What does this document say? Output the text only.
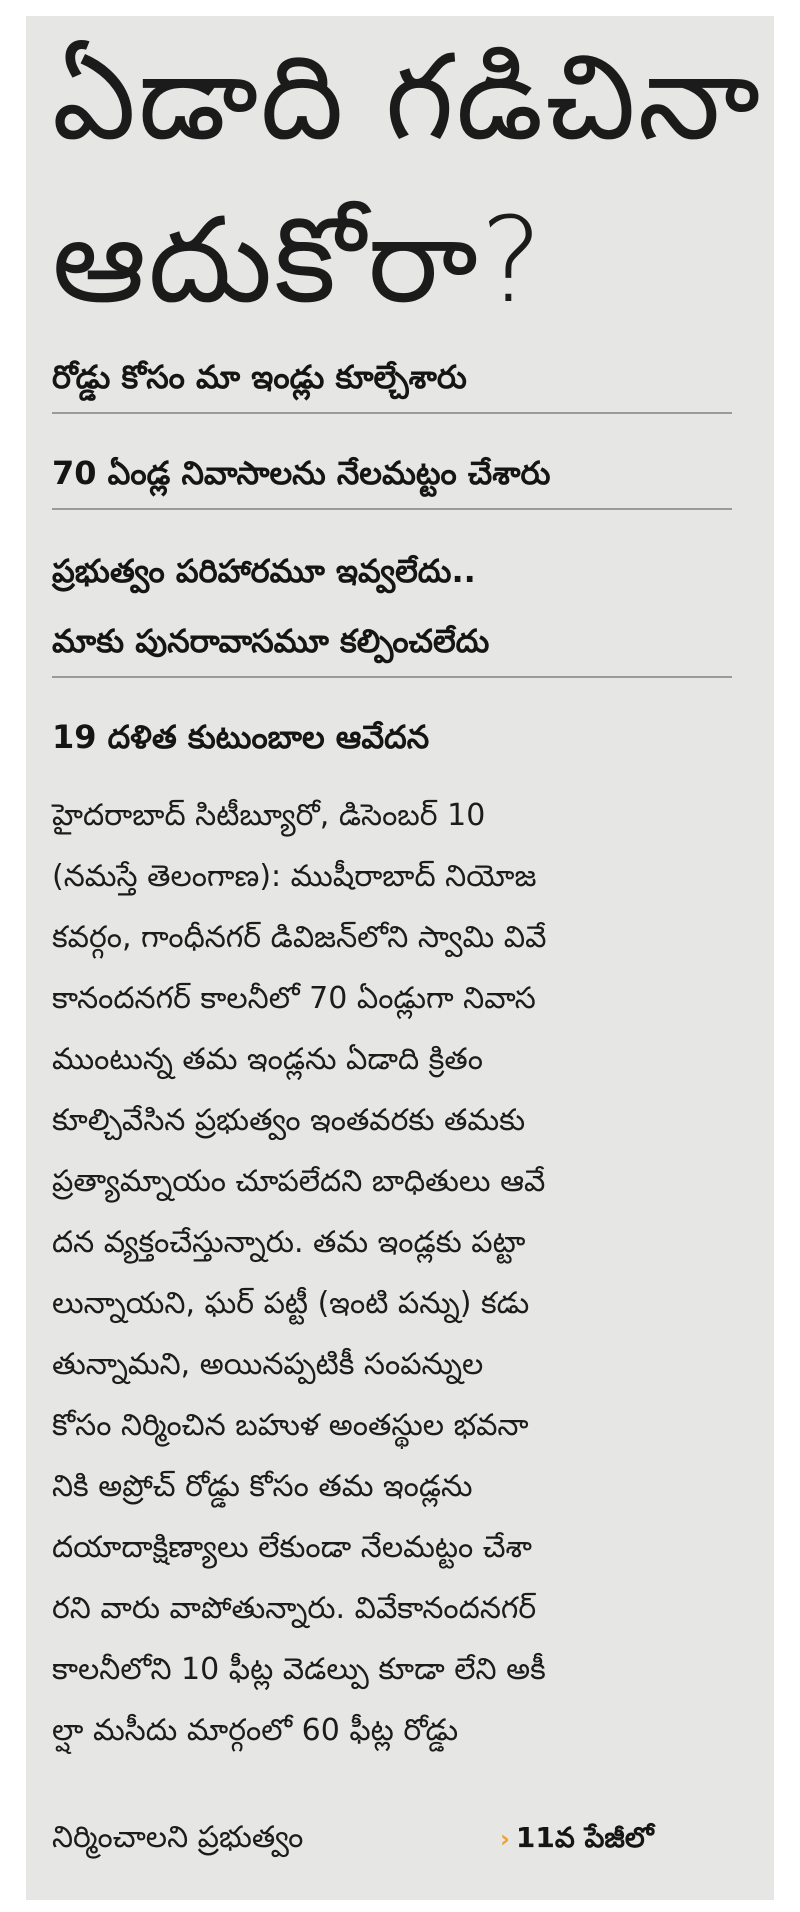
ఏడాది గడిచినా
ఆదుకోరా?

రోడ్డు కోసం మా ఇండ్లు కూల్చేశారు

70 ఏండ్ల నివాసాలను నేలమట్టం చేశారు

ప్రభుత్వం పరిహారమూ ఇవ్వలేదు..

మాకు పునరావాసమూ కల్పించలేదు

19 దళిత కుటుంబాల ఆవేదన

హైదరాబాద్ సిటీబ్యూరో, డిసెంబర్ 10

(నమస్తే తెలంగాణ): ముషీరాబాద్ నియోజ

కవర్గం, గాంధీనగర్ డివిజన్‌లోని స్వామి వివే

కానందనగర్ కాలనీలో 70 ఏండ్లుగా నివాస

ముంటున్న తమ ఇండ్లను ఏడాది క్రితం

కూల్చివేసిన ప్రభుత్వం ఇంతవరకు తమకు

ప్రత్యామ్నాయం చూపలేదని బాధితులు ఆవే

దన వ్యక్తంచేస్తున్నారు. తమ ఇండ్లకు పట్టా

లున్నాయని, ఘర్ పట్టీ (ఇంటి పన్ను) కడు

తున్నామని, అయినప్పటికీ సంపన్నుల

కోసం నిర్మించిన బహుళ అంతస్థుల భవనా

నికి అప్రోచ్ రోడ్డు కోసం తమ ఇండ్లను

దయాదాక్షిణ్యాలు లేకుండా నేలమట్టం చేశా

రని వారు వాపోతున్నారు. వివేకానందనగర్

కాలనీలోని 10 ఫీట్ల వెడల్పు కూడా లేని అకీ

ల్షా మసీదు మార్గంలో 60 ఫీట్ల రోడ్డు

నిర్మించాలని ప్రభుత్వం	› 11వ పేజీలో
